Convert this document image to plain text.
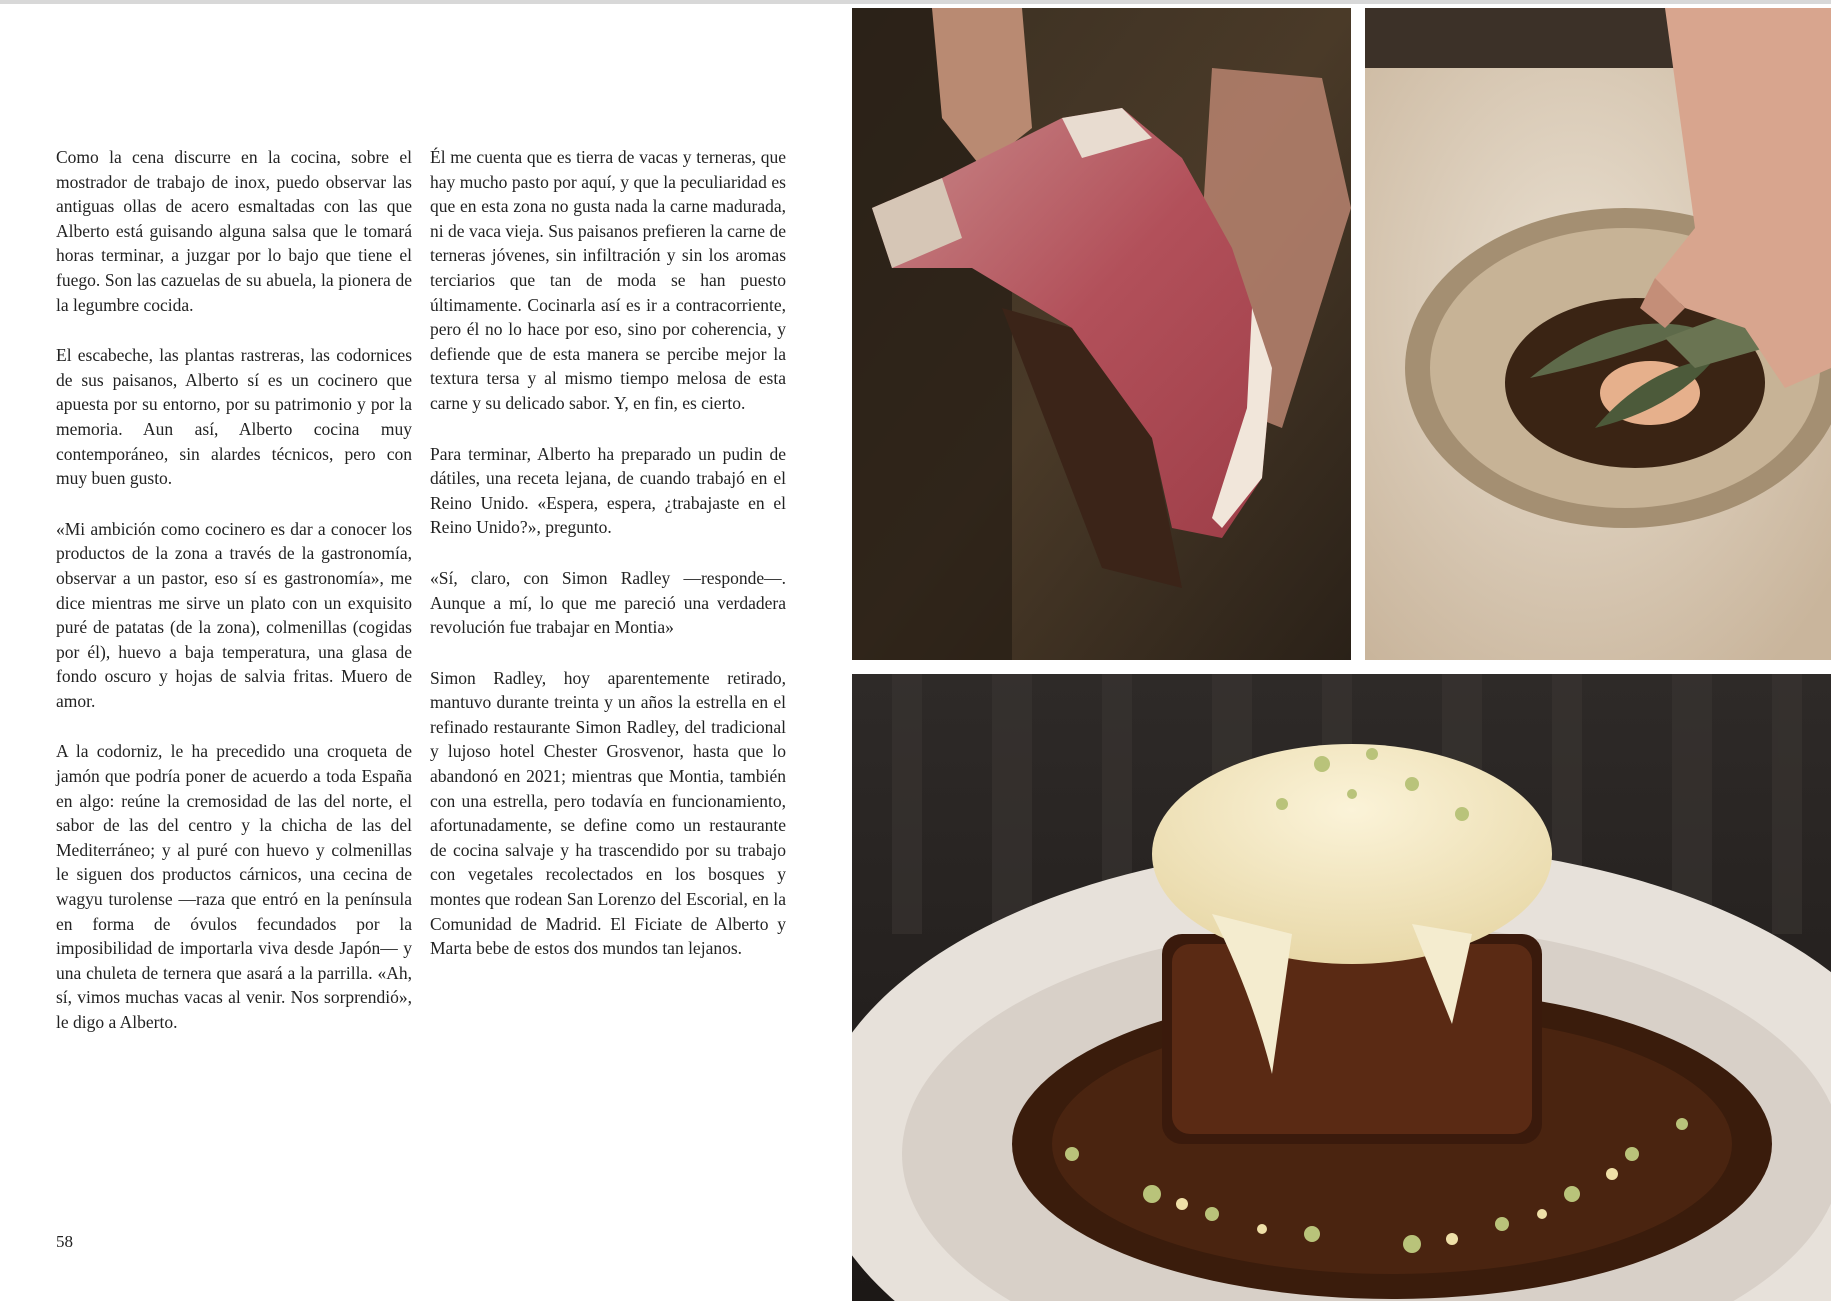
Como la cena discurre en la cocina, sobre el mostrador de trabajo de inox, puedo observar las antiguas ollas de acero esmaltadas con las que Alberto está guisando alguna salsa que le tomará horas terminar, a juzgar por lo bajo que tiene el fuego. Son las cazuelas de su abuela, la pionera de la legumbre cocida.

El escabeche, las plantas rastreras, las codornices de sus paisanos, Alberto sí es un cocinero que apuesta por su entorno, por su patrimonio y por la memoria. Aun así, Alberto cocina muy contemporáneo, sin alardes técnicos, pero con muy buen gusto.

«Mi ambición como cocinero es dar a conocer los productos de la zona a través de la gastronomía, observar a un pastor, eso sí es gastronomía», me dice mientras me sirve un plato con un exquisito puré de patatas (de la zona), colmenillas (cogidas por él), huevo a baja temperatura, una glasa de fondo oscuro y hojas de salvia fritas. Muero de amor.

A la codorniz, le ha precedido una croqueta de jamón que podría poner de acuerdo a toda España en algo: reúne la cremosidad de las del norte, el sabor de las del centro y la chicha de las del Mediterráneo; y al puré con huevo y colmenillas le siguen dos productos cárnicos, una cecina de wagyu turolense —raza que entró en la península en forma de óvulos fecundados por la imposibilidad de importarla viva desde Japón— y una chuleta de ternera que asará a la parrilla. «Ah, sí, vimos muchas vacas al venir. Nos sorprendió», le digo a Alberto.

Él me cuenta que es tierra de vacas y terneras, que hay mucho pasto por aquí, y que la peculiaridad es que en esta zona no gusta nada la carne madurada, ni de vaca vieja. Sus paisanos prefieren la carne de terneras jóvenes, sin infiltración y sin los aromas terciarios que tan de moda se han puesto últimamente. Cocinarla así es ir a contracorriente, pero él no lo hace por eso, sino por coherencia, y defiende que de esta manera se percibe mejor la textura tersa y al mismo tiempo melosa de esta carne y su delicado sabor. Y, en fin, es cierto.

Para terminar, Alberto ha preparado un pudin de dátiles, una receta lejana, de cuando trabajó en el Reino Unido. «Espera, espera, ¿trabajaste en el Reino Unido?», pregunto.

«Sí, claro, con Simon Radley —responde—. Aunque a mí, lo que me pareció una verdadera revolución fue trabajar en Montia»

Simon Radley, hoy aparentemente retirado, mantuvo durante treinta y un años la estrella en el refinado restaurante Simon Radley, del tradicional y lujoso hotel Chester Grosvenor, hasta que lo abandonó en 2021; mientras que Montia, también con una estrella, pero todavía en funcionamiento, afortunadamente, se define como un restaurante de cocina salvaje y ha trascendido por su trabajo con vegetales recolectados en los bosques y montes que rodean San Lorenzo del Escorial, en la Comunidad de Madrid. El Ficiate de Alberto y Marta bebe de estos dos mundos tan lejanos.

58
